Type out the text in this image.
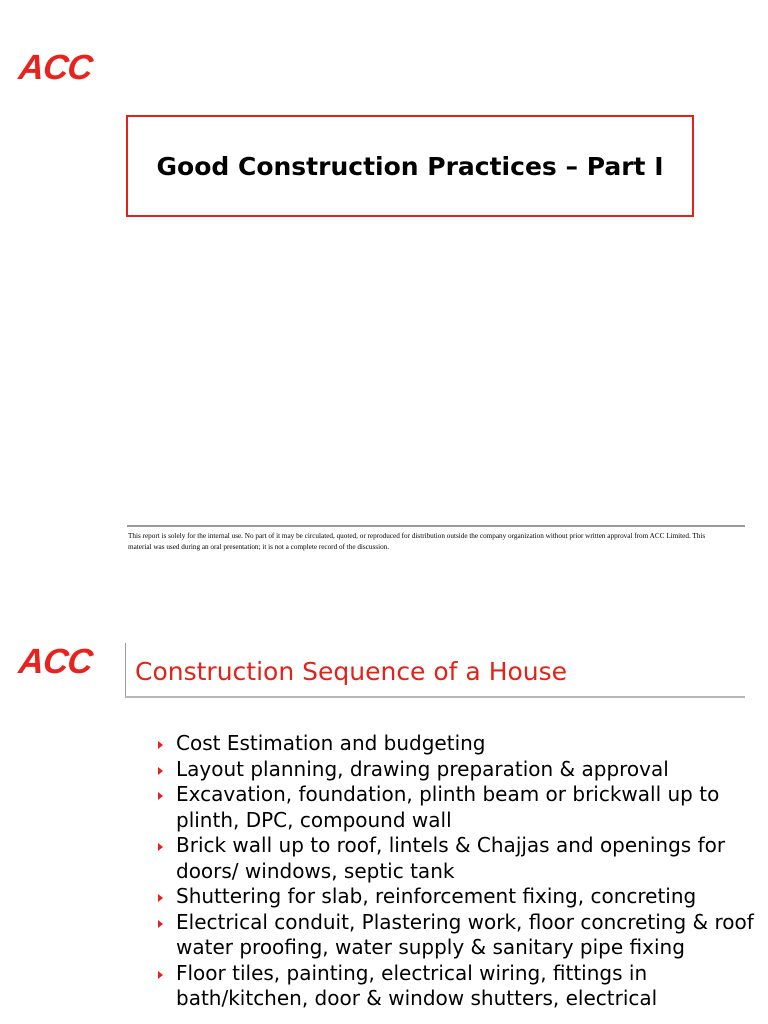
ACC
Good Construction Practices – Part I
This report is solely for the internal use. No part of it may be circulated, quoted, or reproduced for distribution outside the company organization without prior written approval from ACC Limited. This material was used during an oral presentation; it is not a complete record of the discussion.
ACC Construction Sequence of a House
Cost Estimation and budgeting
Layout planning, drawing preparation & approval
Excavation, foundation, plinth beam or brickwall up to plinth, DPC, compound wall
Brick wall up to roof, lintels & Chajjas and openings for doors/ windows, septic tank
Shuttering for slab, reinforcement fixing, concreting
Electrical conduit, Plastering work, floor concreting & roof water proofing, water supply & sanitary pipe fixing
Floor tiles, painting, electrical wiring, fittings in bath/kitchen, door & window shutters, electrical
